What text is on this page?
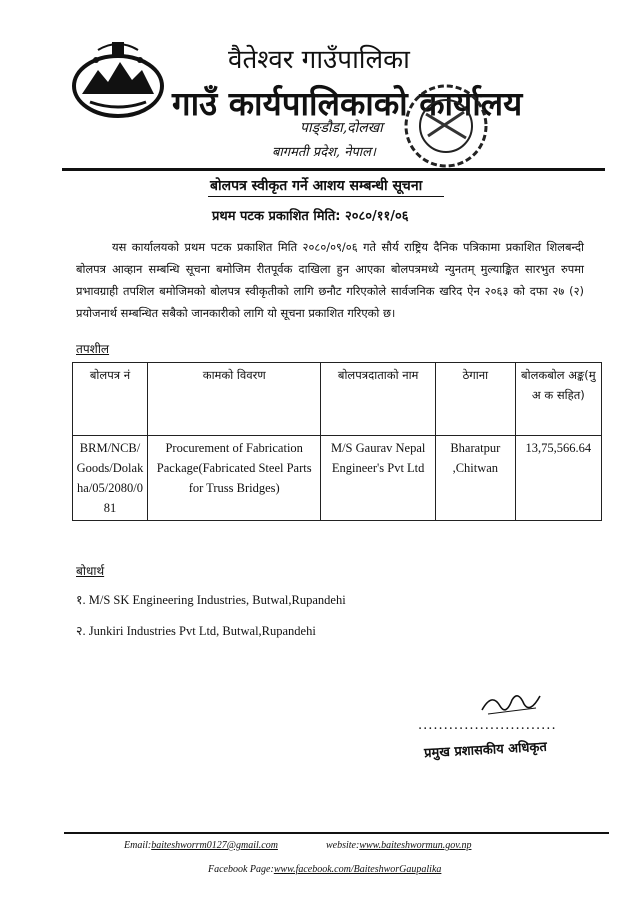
वैतेश्वर गाउँपालिका
गाउँ कार्यपालिकाको कार्यालय
पाङ्डौडा,दोलखा
बागमती प्रदेश, नेपाल।
बोलपत्र स्वीकृत गर्ने आशय सम्बन्धी सूचना
प्रथम पटक प्रकाशित मिति: २०८०/११/०६
यस कार्यालयको प्रथम पटक प्रकाशित मिति २०८०/०९/०६ गते सौर्य राष्ट्रिय दैनिक पत्रिकामा प्रकाशित शिलबन्दी बोलपत्र आव्हान सम्बन्धि सूचना बमोजिम रीतपूर्वक दाखिला हुन आएका बोलपत्रमध्ये न्युनतम् मुल्याङ्कित सारभुत रुपमा प्रभावग्राही तपशिल बमोजिमको बोलपत्र स्वीकृतीको लागि छनौट गरिएकोले सार्वजनिक खरिद ऐन २०६३ को दफा २७ (२) प्रयोजनार्थ सम्बन्धित सबैको जानकारीको लागि यो सूचना प्रकाशित गरिएको छ।
तपशील
बोलपत्र नं	कामको विवरण	बोलपत्रदाताको नाम	ठेगाना	बोलकबोल अङ्क(मु अ क सहित)
BRM/NCB/Goods/Dolakha/05/2080/081	Procurement of Fabrication Package(Fabricated Steel Parts for Truss Bridges)	M/S Gaurav Nepal Engineer's Pvt Ltd	Bharatpur ,Chitwan	13,75,566.64
बोधार्थ
१. M/S SK Engineering Industries, Butwal,Rupandehi
२. Junkiri Industries Pvt Ltd, Butwal,Rupandehi
...........................
प्रमुख प्रशासकीय अधिकृत
Email:baiteshworrm0127@gmail.com	website:www.baiteshwormun.gov.np
Facebook Page:www.facebook.com/BaiteshworGaupalika
